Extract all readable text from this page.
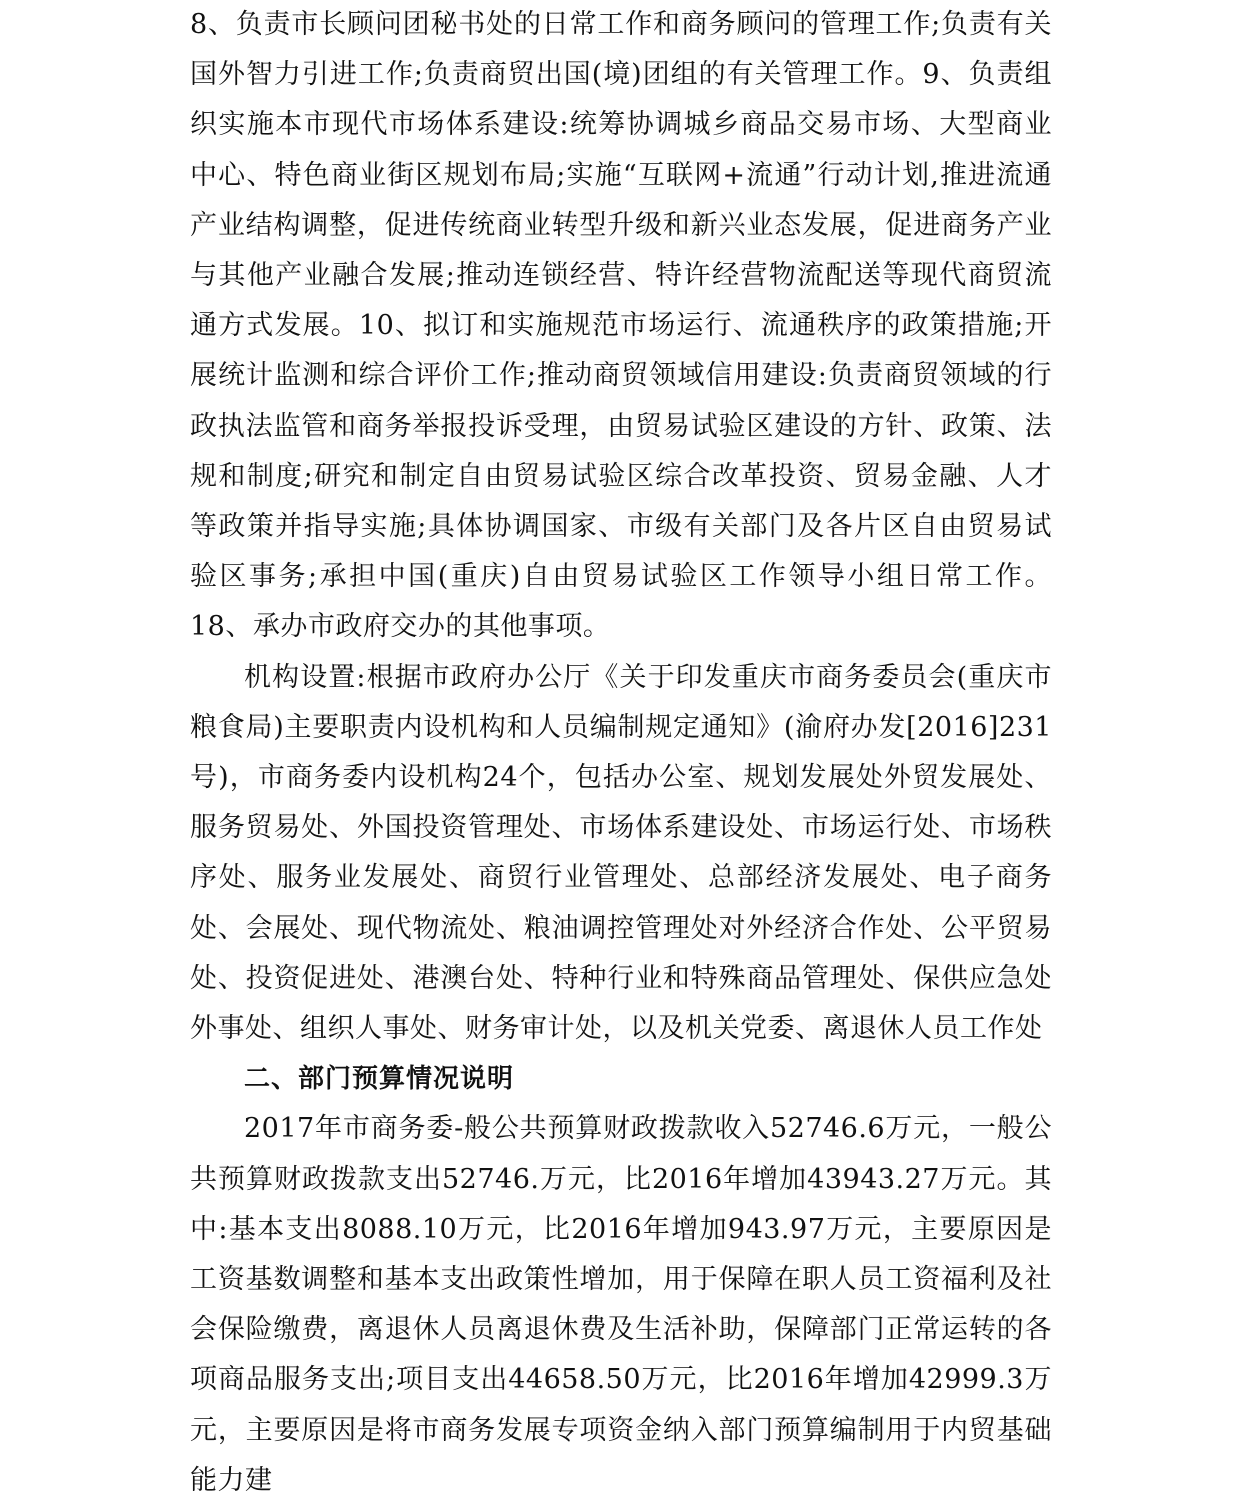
8、负责市长顾问团秘书处的日常工作和商务顾问的管理工作;负责有关国外智力引进工作;负责商贸出国(境)团组的有关管理工作。9、负责组织实施本市现代市场体系建设:统筹协调城乡商品交易市场、大型商业中心、特色商业街区规划布局;实施“互联网+流通”行动计划,推进流通产业结构调整，促进传统商业转型升级和新兴业态发展，促进商务产业与其他产业融合发展;推动连锁经营、特许经营物流配送等现代商贸流通方式发展。10、拟订和实施规范市场运行、流通秩序的政策措施;开展统计监测和综合评价工作;推动商贸领域信用建设:负责商贸领域的行政执法监管和商务举报投诉受理，由贸易试验区建设的方针、政策、法规和制度;研究和制定自由贸易试验区综合改革投资、贸易金融、人才等政策并指导实施;具体协调国家、市级有关部门及各片区自由贸易试验区事务;承担中国(重庆)自由贸易试验区工作领导小组日常工作。18、承办市政府交办的其他事项。

机构设置:根据市政府办公厅《关于印发重庆市商务委员会(重庆市粮食局)主要职责内设机构和人员编制规定通知》(渝府办发[2016]231号)，市商务委内设机构24个，包括办公室、规划发展处外贸发展处、服务贸易处、外国投资管理处、市场体系建设处、市场运行处、市场秩序处、服务业发展处、商贸行业管理处、总部经济发展处、电子商务处、会展处、现代物流处、粮油调控管理处对外经济合作处、公平贸易处、投资促进处、港澳台处、特种行业和特殊商品管理处、保供应急处外事处、组织人事处、财务审计处，以及机关党委、离退休人员工作处

二、部门预算情况说明

2017年市商务委-般公共预算财政拨款收入52746.6万元，一般公共预算财政拨款支出52746.万元，比2016年增加43943.27万元。其中:基本支出8088.10万元，比2016年增加943.97万元，主要原因是工资基数调整和基本支出政策性增加，用于保障在职人员工资福利及社会保险缴费，离退休人员离退休费及生活补助，保障部门正常运转的各项商品服务支出;项目支出44658.50万元，比2016年增加42999.3万元，主要原因是将市商务发展专项资金纳入部门预算编制用于内贸基础能力建
